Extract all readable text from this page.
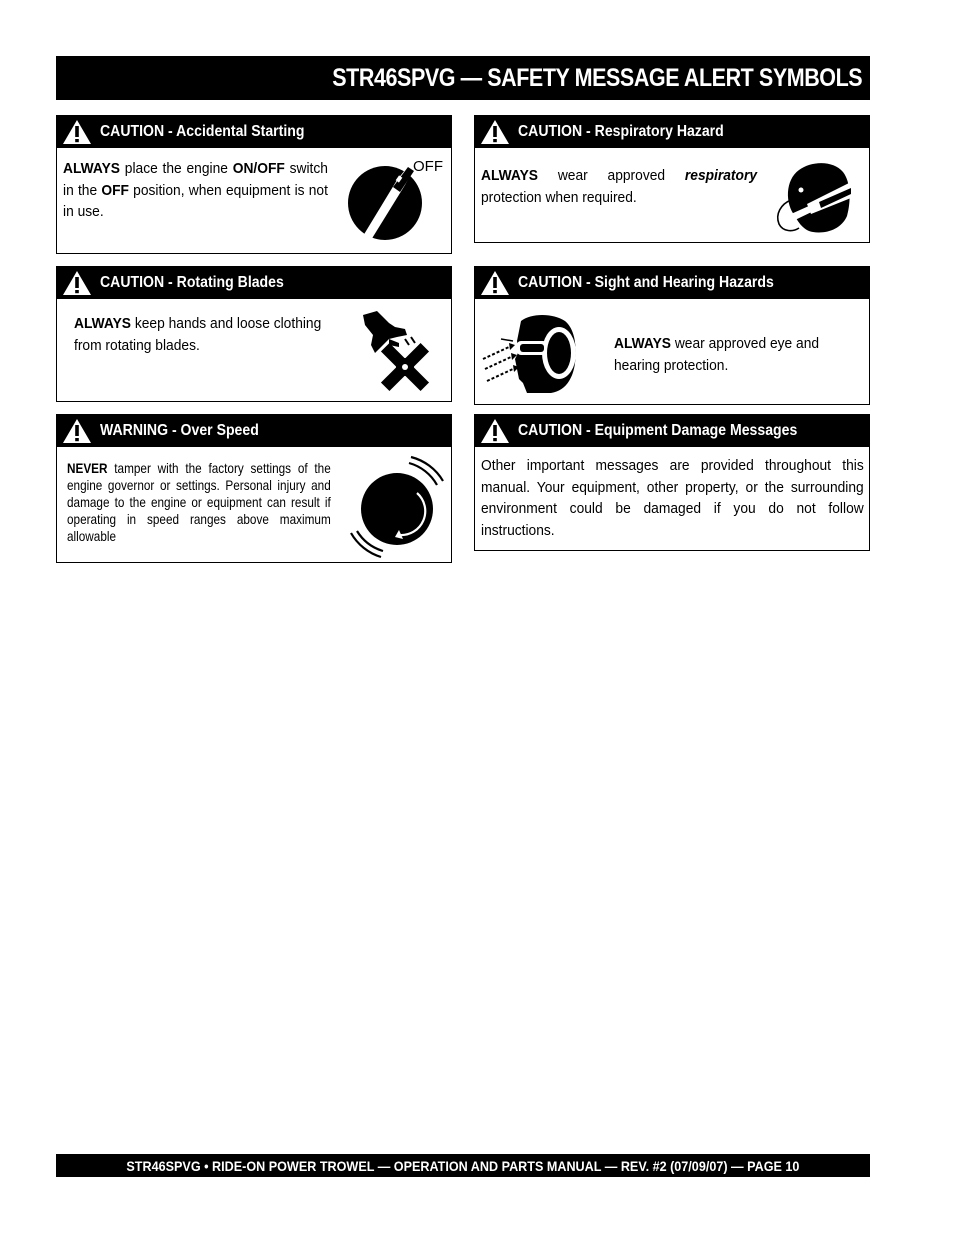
STR46SPVG — SAFETY MESSAGE ALERT SYMBOLS
CAUTION - Accidental Starting
ALWAYS place the engine ON/OFF switch in the OFF position, when equipment is not in use.
OFF
CAUTION - Respiratory Hazard
ALWAYS wear approved respiratory protection when required.
CAUTION - Rotating Blades
ALWAYS keep hands and loose clothing from rotating blades.
CAUTION - Sight and Hearing Hazards
ALWAYS wear approved eye and hearing protection.
WARNING - Over Speed
NEVER tamper with the factory settings of the engine governor or settings. Personal injury and damage to the engine or equipment can result if operating in speed ranges above maximum allowable
CAUTION - Equipment Damage Messages
Other important messages are provided throughout this manual. Your equipment, other property, or the surrounding environment could be damaged if you do not follow instructions.
STR46SPVG • RIDE-ON POWER TROWEL — OPERATION AND PARTS MANUAL — REV. #2 (07/09/07) — PAGE 10
